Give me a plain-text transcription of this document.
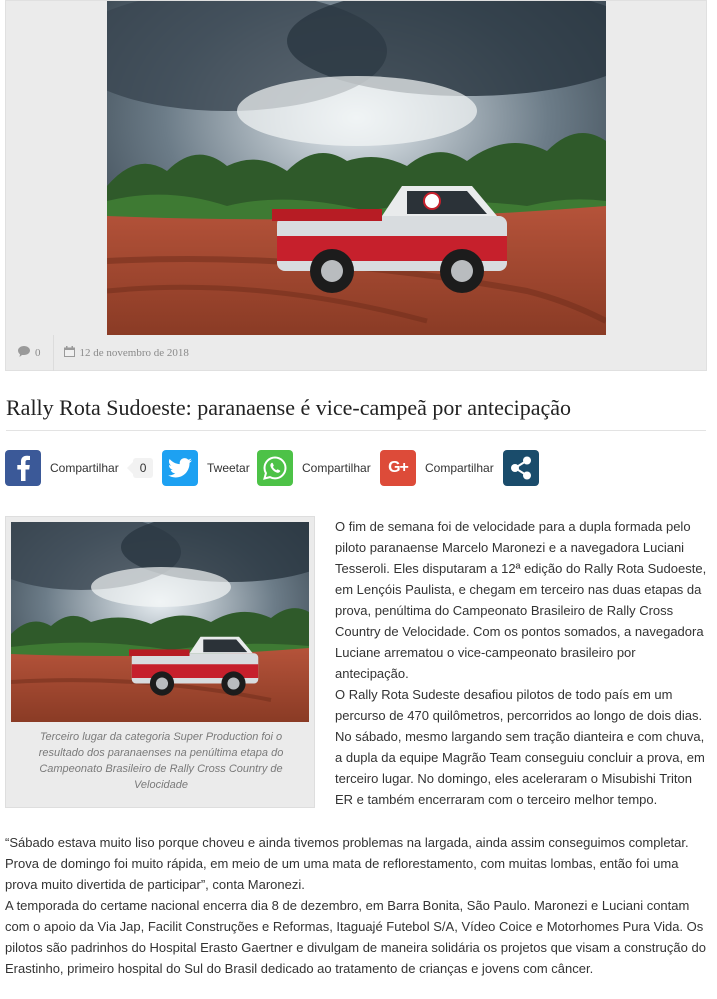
0	12 de novembro de 2018
Rally Rota Sudoeste: paranaense é vice-campeã por antecipação
Compartilhar	0	Tweetar	Compartilhar G+ Compartilhar

Terceiro lugar da categoria Super Production foi o resultado dos paranaenses na penúltima etapa do Campeonato Brasileiro de Rally Cross Country de Velocidade

O fim de semana foi de velocidade para a dupla formada pelo piloto paranaense Marcelo Maronezi e a navegadora Luciani Tesseroli. Eles disputaram a 12ª edição do Rally Rota Sudoeste, em Lençóis Paulista, e chegam em terceiro nas duas etapas da prova, penúltima do Campeonato Brasileiro de Rally Cross Country de Velocidade. Com os pontos somados, a navegadora Luciane arrematou o vice-campeonato brasileiro por antecipação.

O Rally Rota Sudeste desafiou pilotos de todo país em um percurso de 470 quilômetros, percorridos ao longo de dois dias. No sábado, mesmo largando sem tração dianteira e com chuva, a dupla da equipe Magrão Team conseguiu concluir a prova, em terceiro lugar. No domingo, eles aceleraram o Misubishi Triton ER e também encerraram com o terceiro melhor tempo.

“Sábado estava muito liso porque choveu e ainda tivemos problemas na largada, ainda assim conseguimos completar. Prova de domingo foi muito rápida, em meio de um uma mata de reflorestamento, com muitas lombas, então foi uma prova muito divertida de participar”, conta Maronezi.

A temporada do certame nacional encerra dia 8 de dezembro, em Barra Bonita, São Paulo. Maronezi e Luciani contam com o apoio da Via Jap, Facilit Construções e Reformas, Itaguajé Futebol S/A, Vídeo Coice e Motorhomes Pura Vida. Os pilotos são padrinhos do Hospital Erasto Gaertner e divulgam de maneira solidária os projetos que visam a construção do Erastinho, primeiro hospital do Sul do Brasil dedicado ao tratamento de crianças e jovens com câncer.
